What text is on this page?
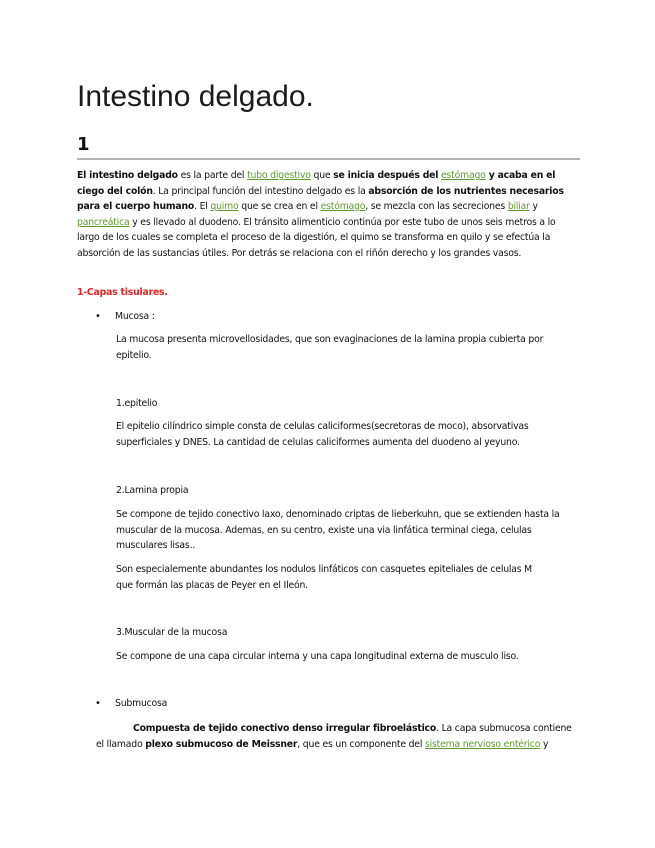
Intestino delgado.
1

El intestino delgado es la parte del tubo digestivo que se inicia después del estómago y acaba en el ciego del colón. La principal función del intestino delgado es la absorción de los nutrientes necesarios para el cuerpo humano. El quimo que se crea en el estómago, se mezcla con las secreciones biliar y pancreática y es llevado al duodeno. El tránsito alimenticio continúa por este tubo de unos seis metros a lo largo de los cuales se completa el proceso de la digestión, el quimo se transforma en quilo y se efectúa la absorción de las sustancias útiles. Por detrás se relaciona con el riñón derecho y los grandes vasos.

1-Capas tisulares.

• Mucosa :

La mucosa presenta microvellosidades, que son evaginaciones de la lamina propia cubierta por epitelio.

1.epitelio

El epitelio cilíndrico simple consta de celulas caliciformes(secretoras de moco), absorvativas superficiales y DNES. La cantidad de celulas caliciformes aumenta del duodeno al yeyuno.

2.Lamina propia

Se compone de tejido conectivo laxo, denominado criptas de lieberkuhn, que se extienden hasta la muscular de la mucosa. Ademas, en su centro, existe una via linfática terminal ciega, celulas musculares lisas..

Son especialemente abundantes los nodulos linfáticos con casquetes epiteliales de celulas M que formán las placas de Peyer en el Ileón.

3.Muscular de la mucosa

Se compone de una capa circular interna y una capa longitudinal externa de musculo liso.

• Submucosa

Compuesta de tejido conectivo denso irregular fibroelástico. La capa submucosa contiene el llamado plexo submucoso de Meissner, que es un componente del sistema nervioso entérico y
